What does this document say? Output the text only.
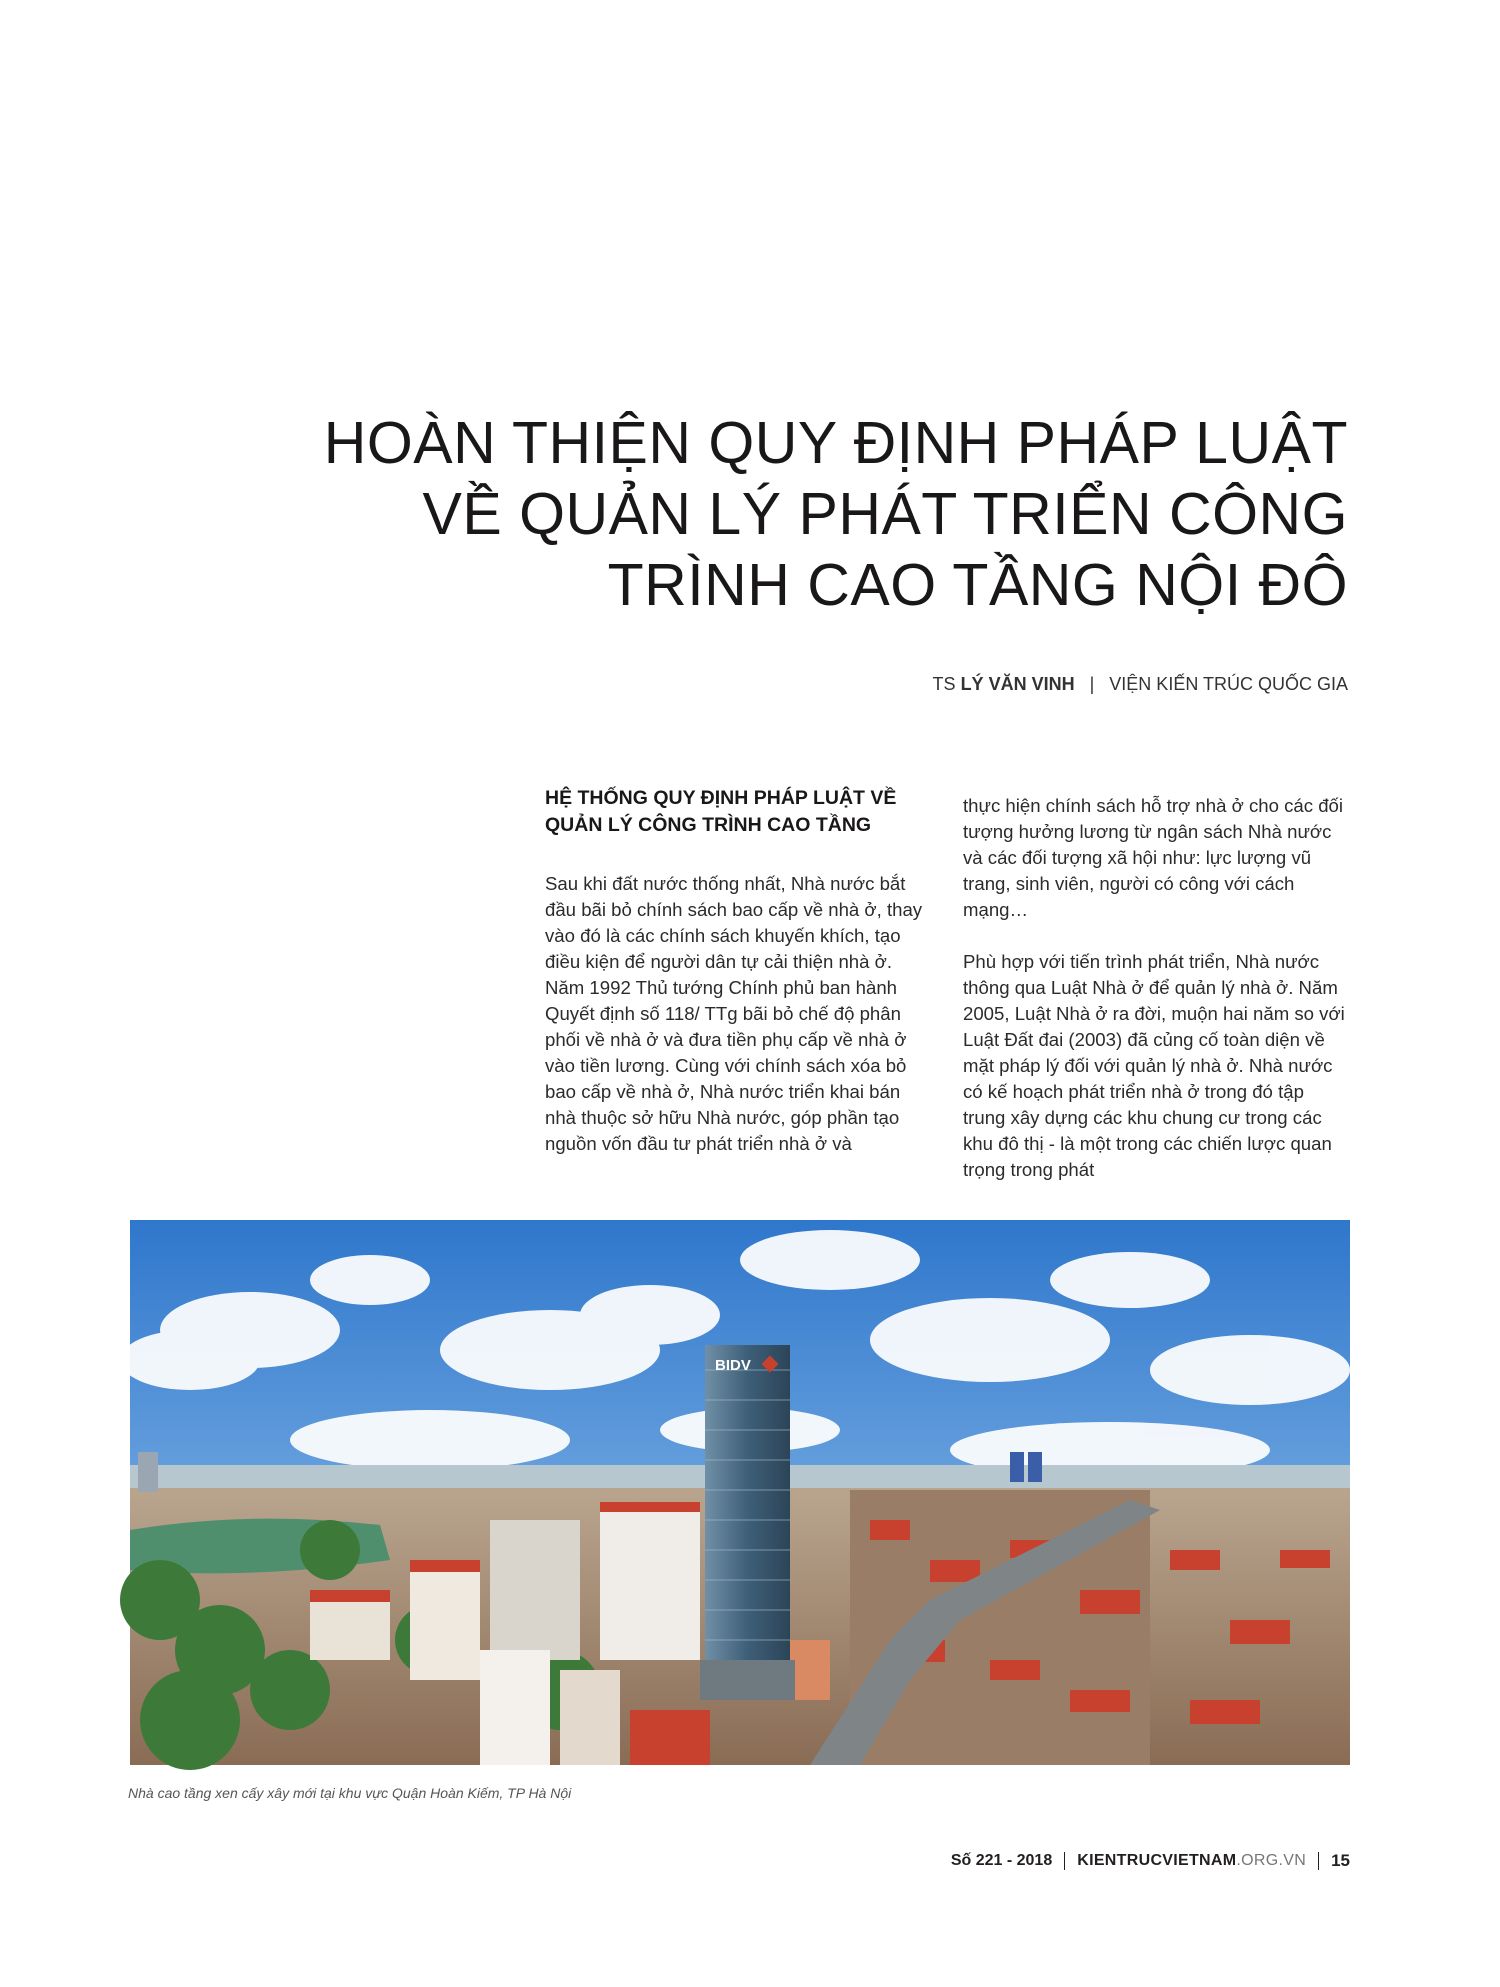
HOÀN THIỆN QUY ĐỊNH PHÁP LUẬT
VỀ QUẢN LÝ PHÁT TRIỂN CÔNG
TRÌNH CAO TẦNG NỘI ĐÔ
TS LÝ VĂN VINH | VIỆN KIẾN TRÚC QUỐC GIA
HỆ THỐNG QUY ĐỊNH PHÁP LUẬT VỀ QUẢN LÝ CÔNG TRÌNH CAO TẦNG

Sau khi đất nước thống nhất, Nhà nước bắt đầu bãi bỏ chính sách bao cấp về nhà ở, thay vào đó là các chính sách khuyến khích, tạo điều kiện để người dân tự cải thiện nhà ở. Năm 1992 Thủ tướng Chính phủ ban hành Quyết định số 118/ TTg bãi bỏ chế độ phân phối về nhà ở và đưa tiền phụ cấp về nhà ở vào tiền lương. Cùng với chính sách xóa bỏ bao cấp về nhà ở, Nhà nước triển khai bán nhà thuộc sở hữu Nhà nước, góp phần tạo nguồn vốn đầu tư phát triển nhà ở và

thực hiện chính sách hỗ trợ nhà ở cho các đối tượng hưởng lương từ ngân sách Nhà nước và các đối tượng xã hội như: lực lượng vũ trang, sinh viên, người có công với cách mạng…

Phù hợp với tiến trình phát triển, Nhà nước thông qua Luật Nhà ở để quản lý nhà ở. Năm 2005, Luật Nhà ở ra đời, muộn hai năm so với Luật Đất đai (2003) đã củng cố toàn diện về mặt pháp lý đối với quản lý nhà ở. Nhà nước có kế hoạch phát triển nhà ở trong đó tập trung xây dựng các khu chung cư trong các khu đô thị - là một trong các chiến lược quan trọng trong phát

BIDV
Nhà cao tầng xen cấy xây mới tại khu vực Quận Hoàn Kiếm, TP Hà Nội
Số 221 - 2018	KIENTRUCVIETNAM.ORG.VN	15
